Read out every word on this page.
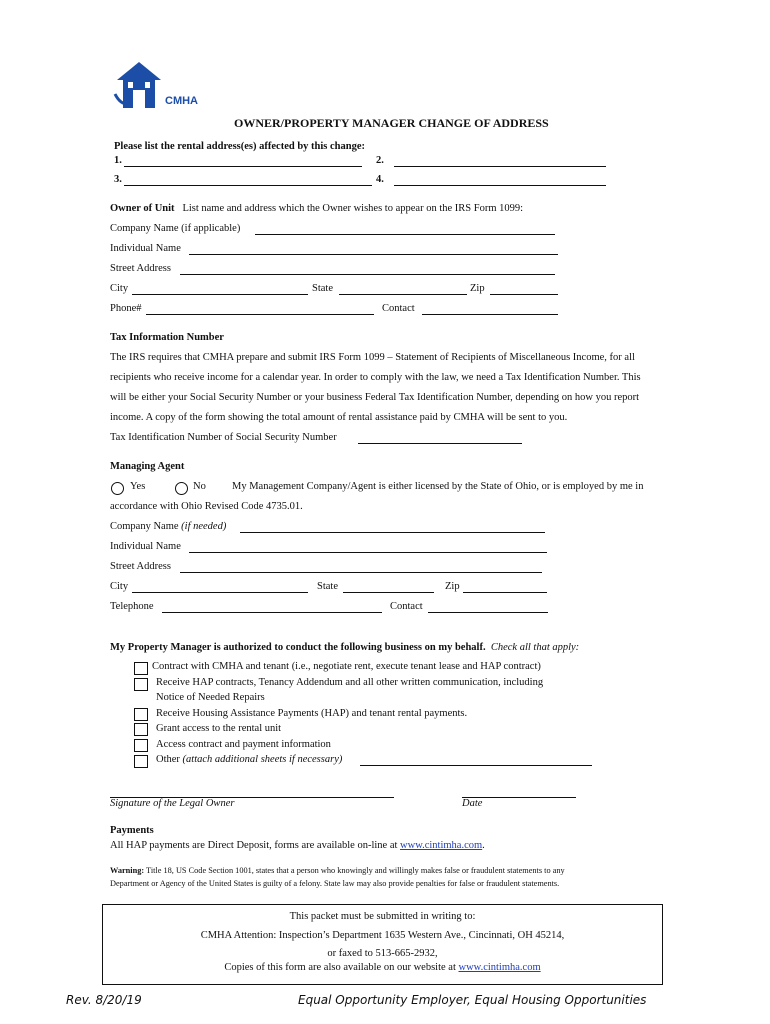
CMHA
OWNER/PROPERTY MANAGER CHANGE OF ADDRESS
Please list the rental address(es) affected by this change:
1.	2.
3.	4.
Owner of Unit List name and address which the Owner wishes to appear on the IRS Form 1099:
Company Name (if applicable)
Individual Name
Street Address
City	State	Zip
Phone#	Contact
Tax Information Number
The IRS requires that CMHA prepare and submit IRS Form 1099 – Statement of Recipients of Miscellaneous Income, for all
recipients who receive income for a calendar year. In order to comply with the law, we need a Tax Identification Number. This
will be either your Social Security Number or your business Federal Tax Identification Number, depending on how you report
income. A copy of the form showing the total amount of rental assistance paid by CMHA will be sent to you.
Tax Identification Number of Social Security Number
Managing Agent
Yes	No My Management Company/Agent is either licensed by the State of Ohio, or is employed by me in
accordance with Ohio Revised Code 4735.01.
Company Name (if needed)
Individual Name
Street Address
City	State	Zip
Telephone	Contact
My Property Manager is authorized to conduct the following business on my behalf. Check all that apply:
Contract with CMHA and tenant (i.e., negotiate rent, execute tenant lease and HAP contract)
Receive HAP contracts, Tenancy Addendum and all other written communication, including
Notice of Needed Repairs
Receive Housing Assistance Payments (HAP) and tenant rental payments.
Grant access to the rental unit
Access contract and payment information
Other (attach additional sheets if necessary)
Signature of the Legal Owner	Date
Payments
All HAP payments are Direct Deposit, forms are available on-line at www.cintimha.com.
Warning: Title 18, US Code Section 1001, states that a person who knowingly and willingly makes false or fraudulent statements to any
Department or Agency of the United States is guilty of a felony. State law may also provide penalties for false or fraudulent statements.
This packet must be submitted in writing to:
CMHA Attention: Inspection’s Department 1635 Western Ave., Cincinnati, OH 45214,
or faxed to 513-665-2932,
Copies of this form are also available on our website at www.cintimha.com
Rev. 8/20/19	Equal Opportunity Employer, Equal Housing Opportunities
